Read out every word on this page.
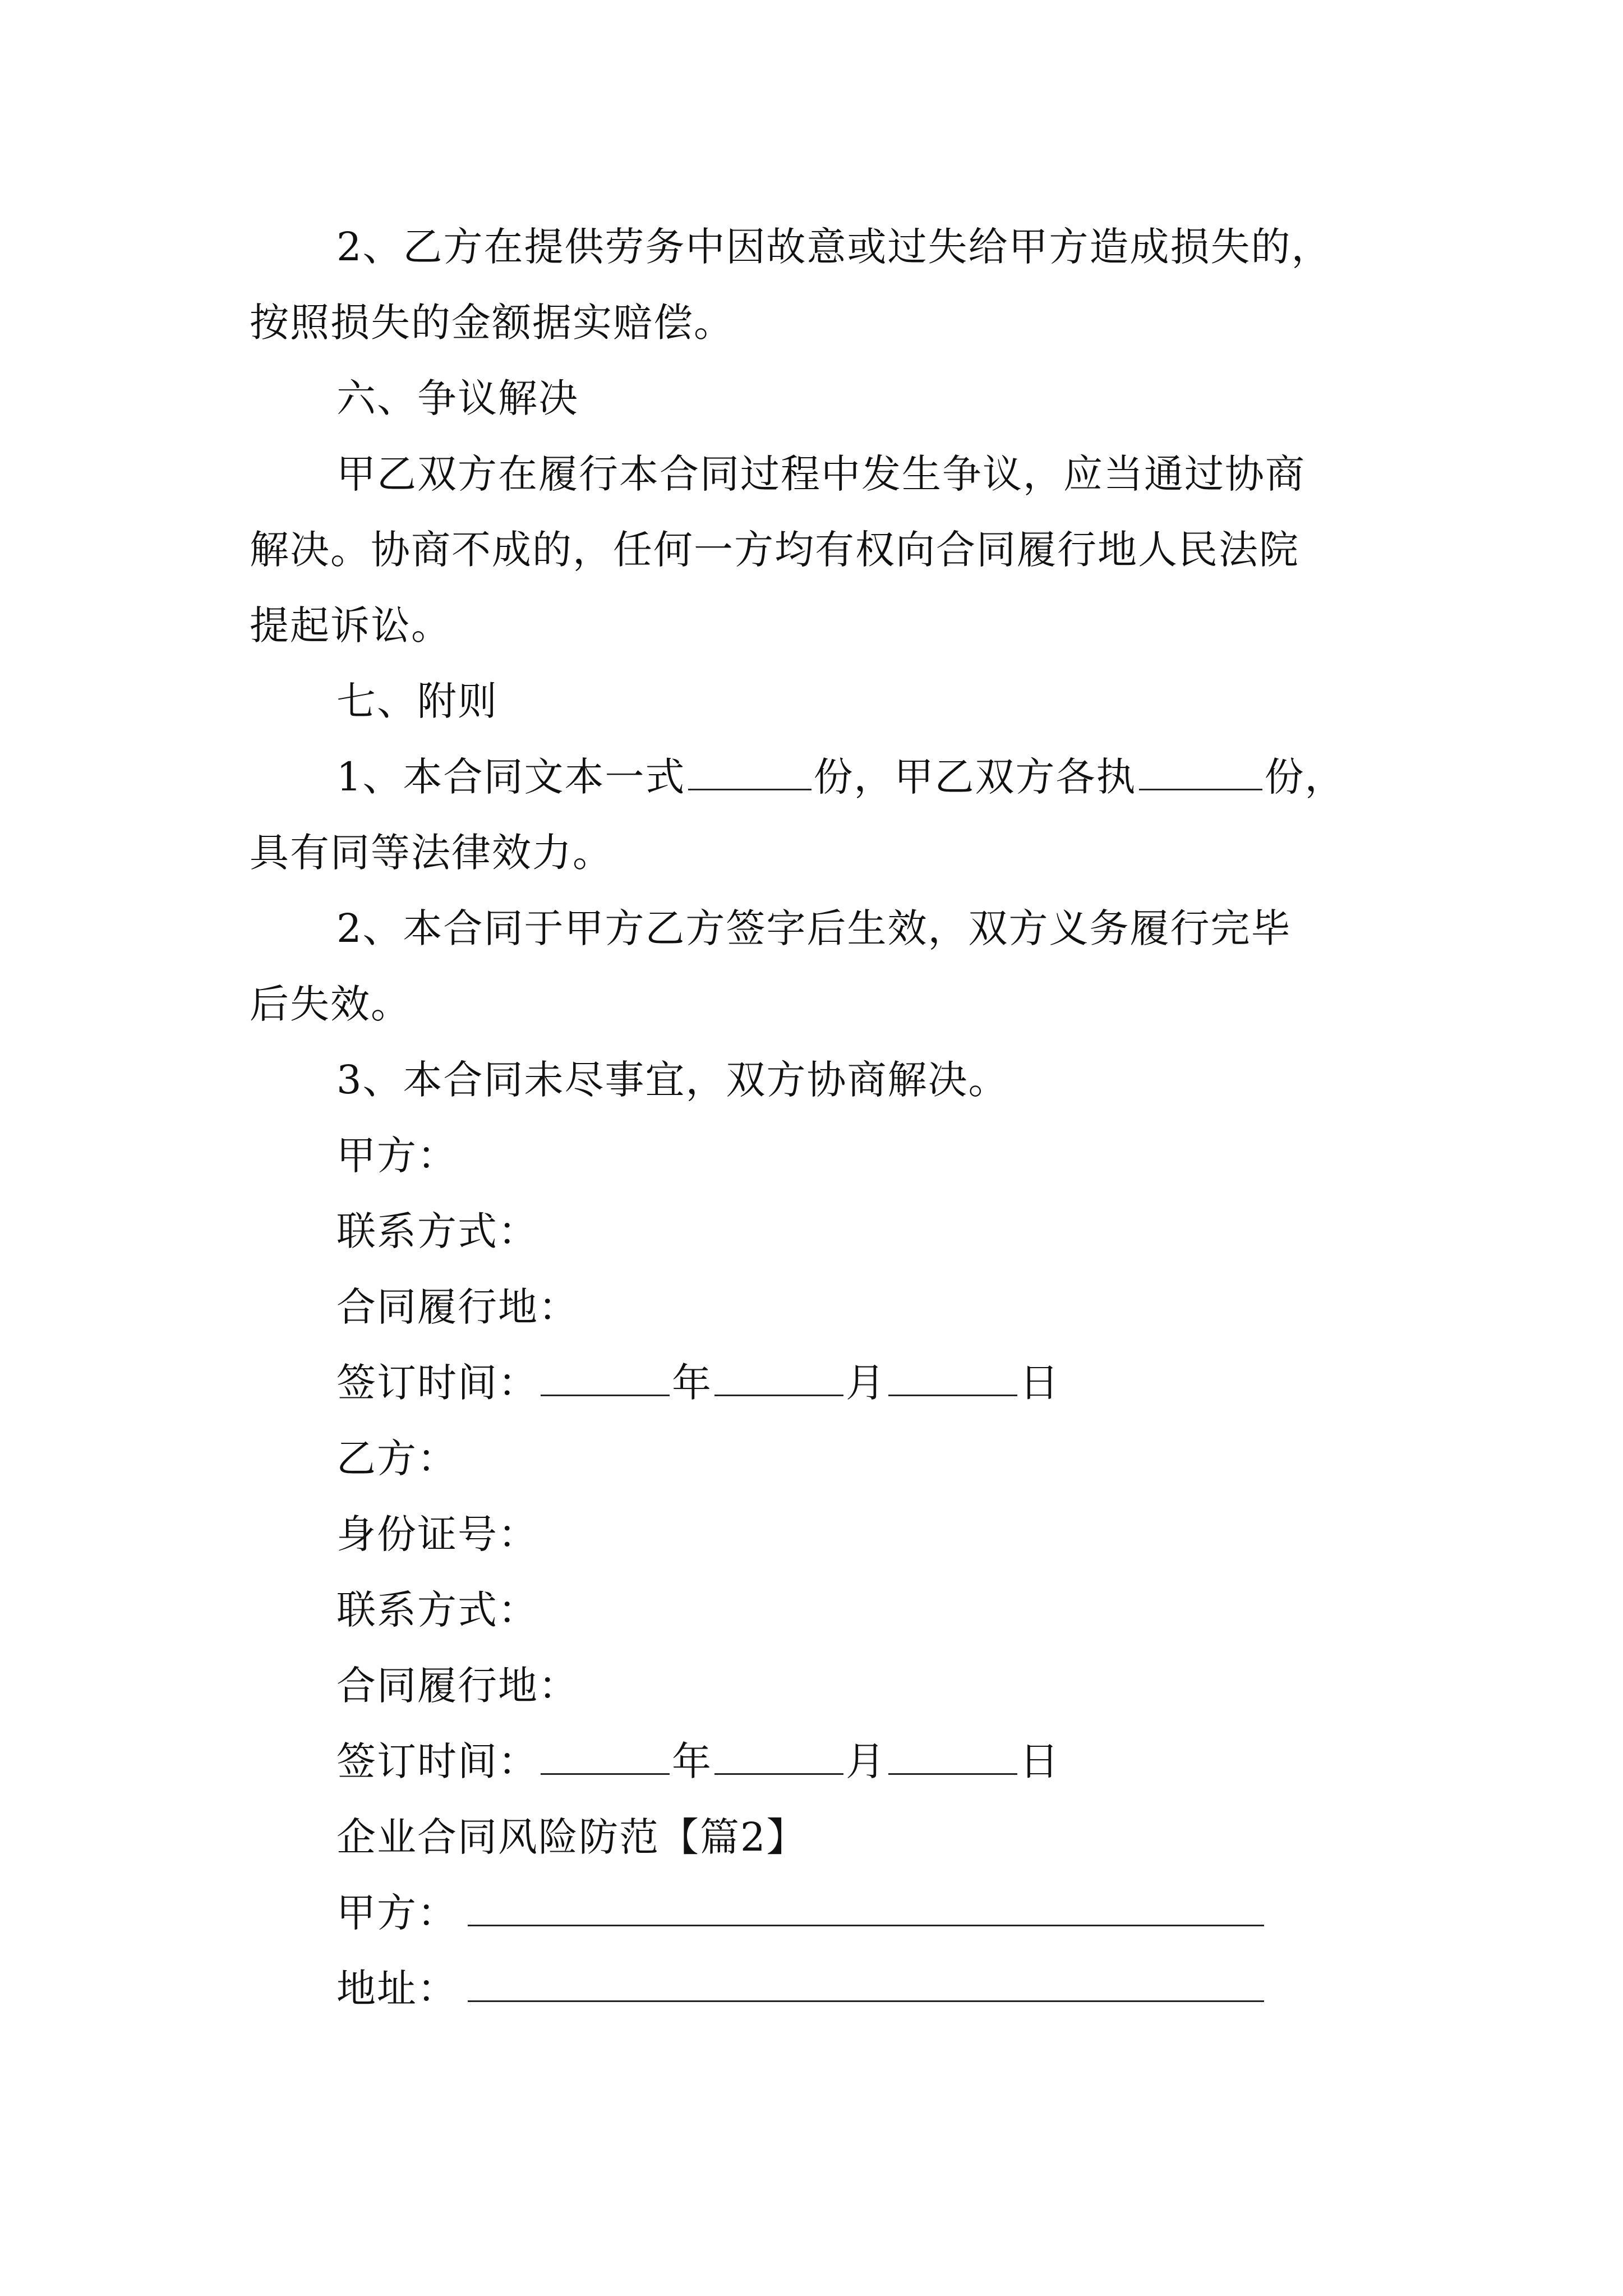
2、乙方在提供劳务中因故意或过失给甲方造成损失的，
按照损失的金额据实赔偿。
六、争议解决
甲乙双方在履行本合同过程中发生争议，应当通过协商
解决。协商不成的，任何一方均有权向合同履行地人民法院
提起诉讼。
七、附则
1、本合同文本一式	份，甲乙双方各执	份，
具有同等法律效力。
2、本合同于甲方乙方签字后生效，双方义务履行完毕
后失效。
3、本合同未尽事宜，双方协商解决。
甲方：
联系方式：
合同履行地：
签订时间：	年	月	日
乙方：
身份证号：
联系方式：
合同履行地：
签订时间：	年	月	日
企业合同风险防范【篇2】
甲方：
地址：
